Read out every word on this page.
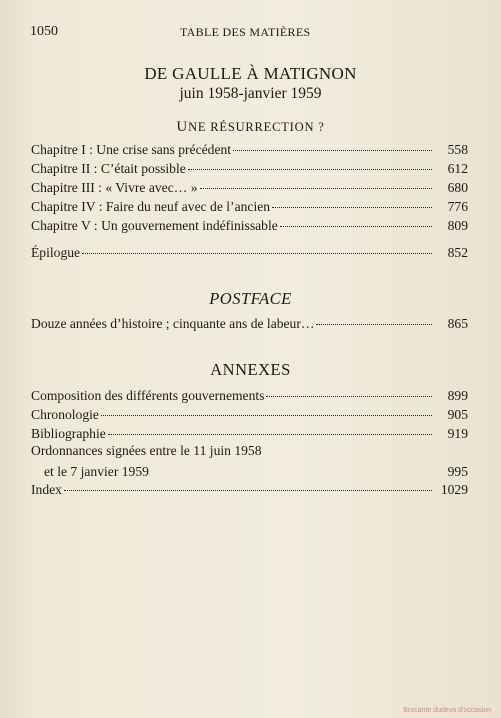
1050	TABLE DES MATIÈRES
DE GAULLE À MATIGNON
juin 1958-janvier 1959
UNE RÉSURRECTION ?
Chapitre I : Une crise sans précédent	558
Chapitre II : C’était possible	612
Chapitre III : « Vivre avec… »	680
Chapitre IV : Faire du neuf avec de l’ancien	776
Chapitre V : Un gouvernement indéfinissable	809
Épilogue	852
POSTFACE
Douze années d’histoire ; cinquante ans de labeur…	865
ANNEXES
Composition des différents gouvernements	899
Chronologie	905
Bibliographie	919
Ordonnances signées entre le 11 juin 1958
et le 7 janvier 1959	995
Index	1029
Brocante dudeva d'occasion
